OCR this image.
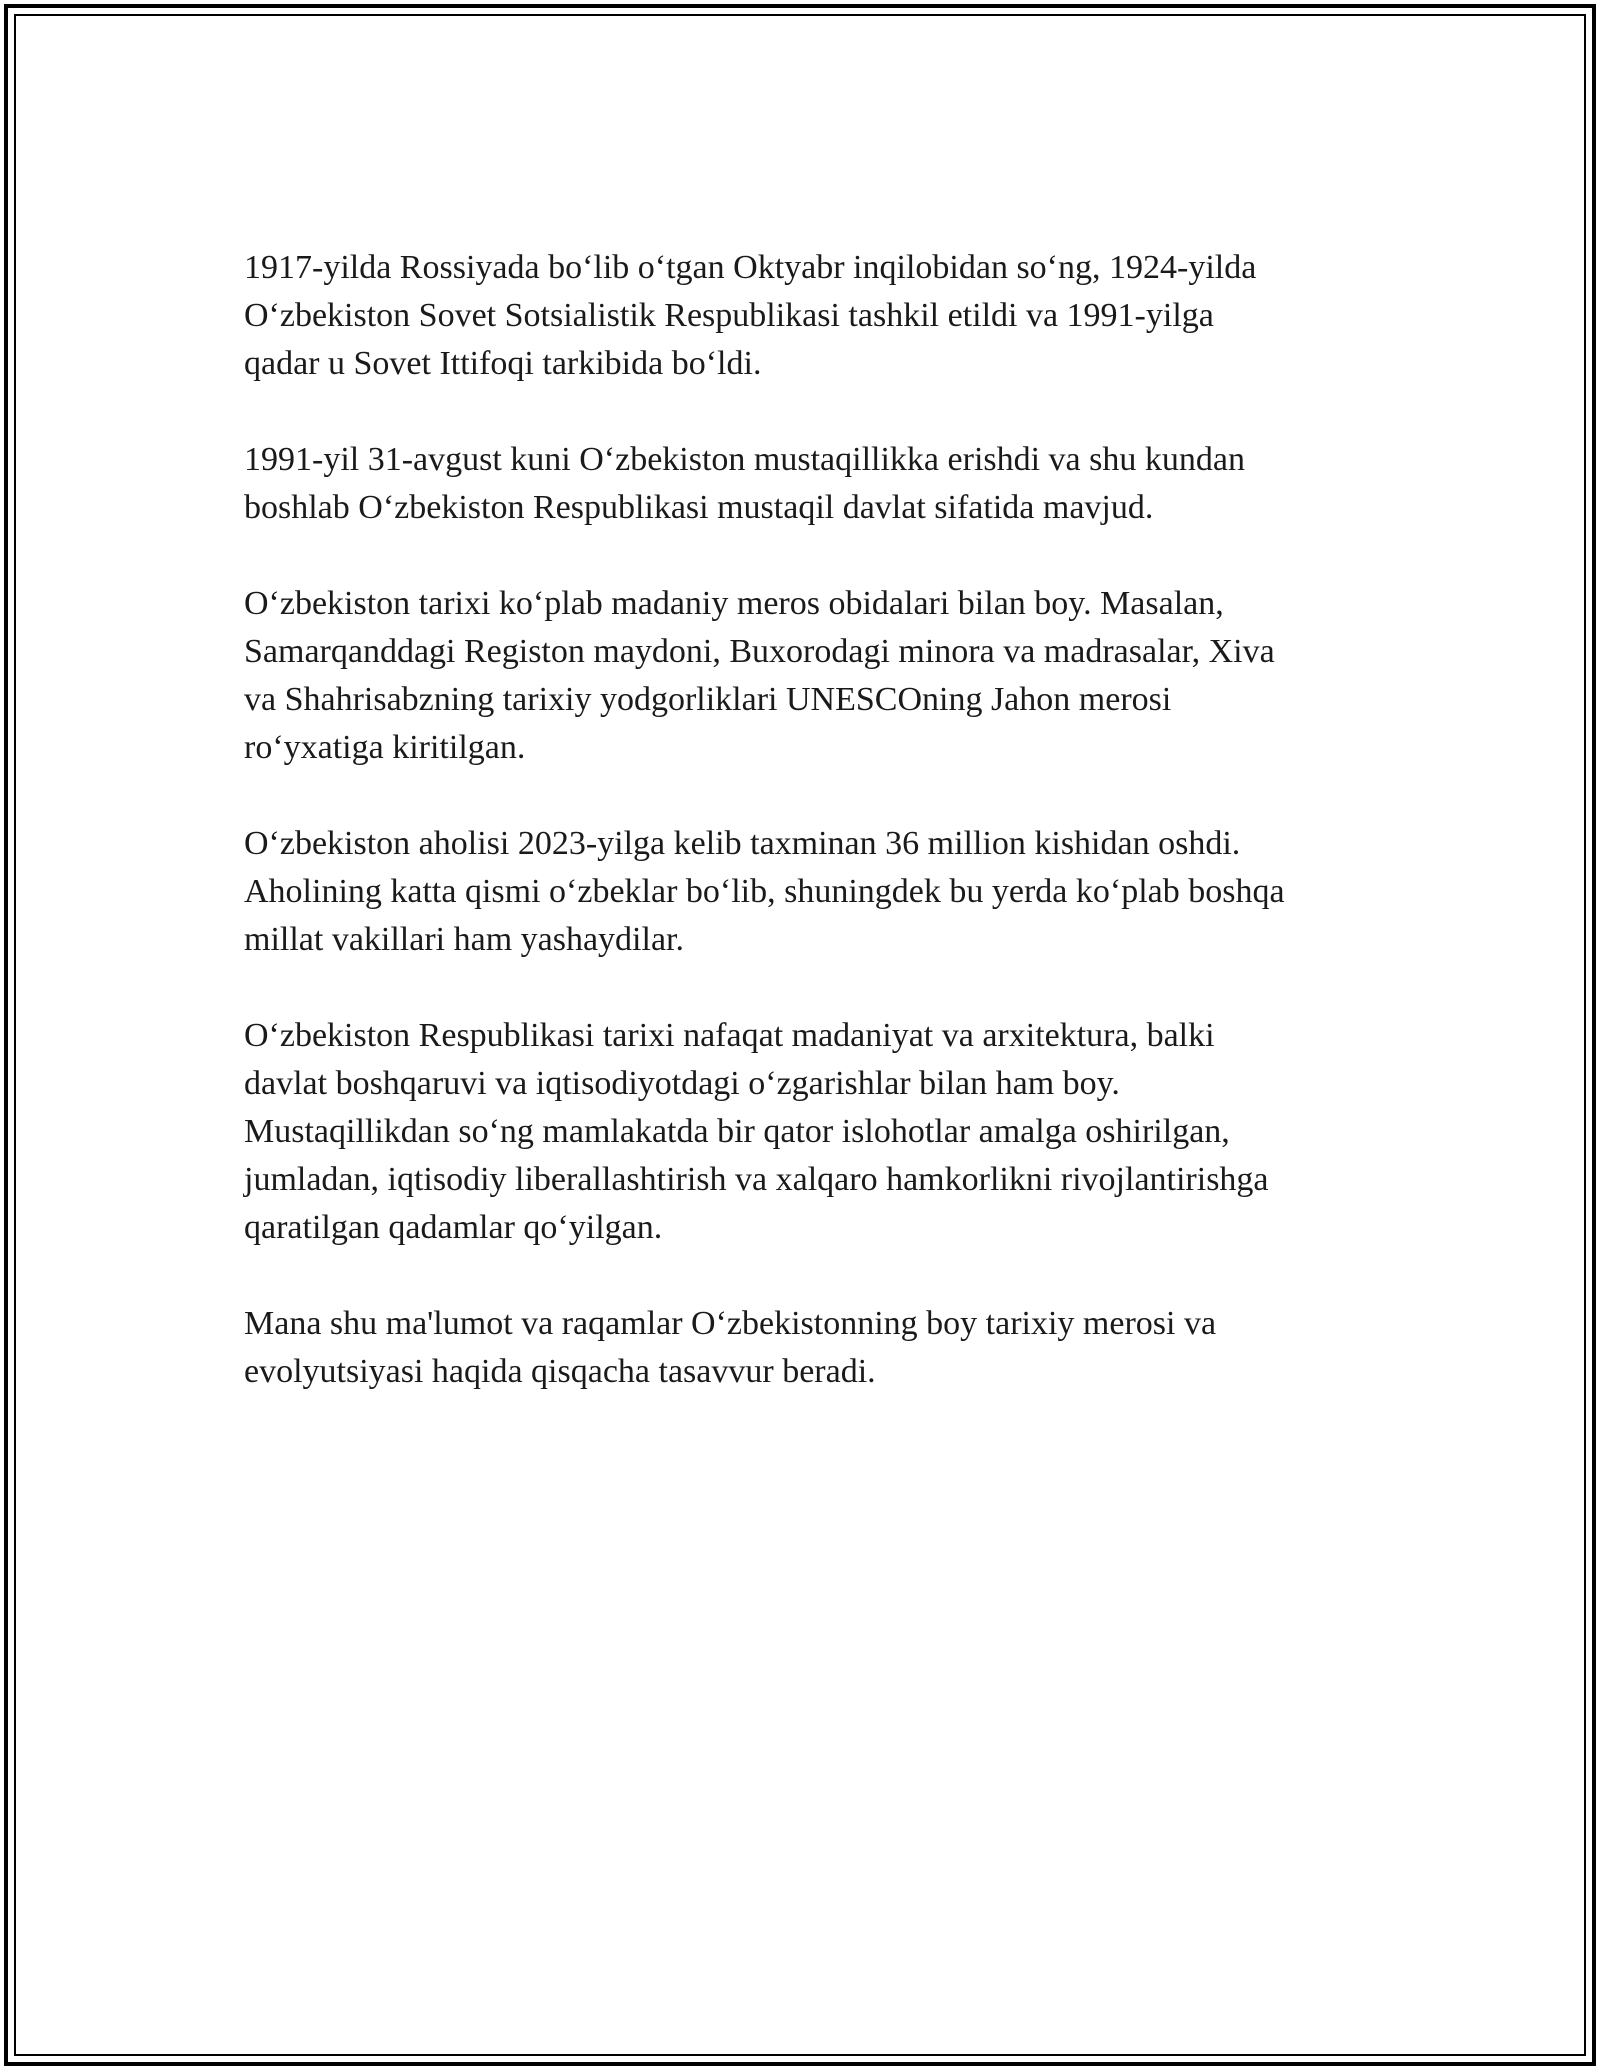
1917-yilda Rossiyada bo‘lib o‘tgan Oktyabr inqilobidan so‘ng, 1924-yilda
O‘zbekiston Sovet Sotsialistik Respublikasi tashkil etildi va 1991-yilga
qadar u Sovet Ittifoqi tarkibida bo‘ldi.

1991-yil 31-avgust kuni O‘zbekiston mustaqillikka erishdi va shu kundan
boshlab O‘zbekiston Respublikasi mustaqil davlat sifatida mavjud.

O‘zbekiston tarixi ko‘plab madaniy meros obidalari bilan boy. Masalan,
Samarqanddagi Registon maydoni, Buxorodagi minora va madrasalar, Xiva
va Shahrisabzning tarixiy yodgorliklari UNESCOning Jahon merosi
ro‘yxatiga kiritilgan.

O‘zbekiston aholisi 2023-yilga kelib taxminan 36 million kishidan oshdi.
Aholining katta qismi o‘zbeklar bo‘lib, shuningdek bu yerda ko‘plab boshqa
millat vakillari ham yashaydilar.

O‘zbekiston Respublikasi tarixi nafaqat madaniyat va arxitektura, balki
davlat boshqaruvi va iqtisodiyotdagi o‘zgarishlar bilan ham boy.
Mustaqillikdan so‘ng mamlakatda bir qator islohotlar amalga oshirilgan,
jumladan, iqtisodiy liberallashtirish va xalqaro hamkorlikni rivojlantirishga
qaratilgan qadamlar qo‘yilgan.

Mana shu ma'lumot va raqamlar O‘zbekistonning boy tarixiy merosi va
evolyutsiyasi haqida qisqacha tasavvur beradi.
